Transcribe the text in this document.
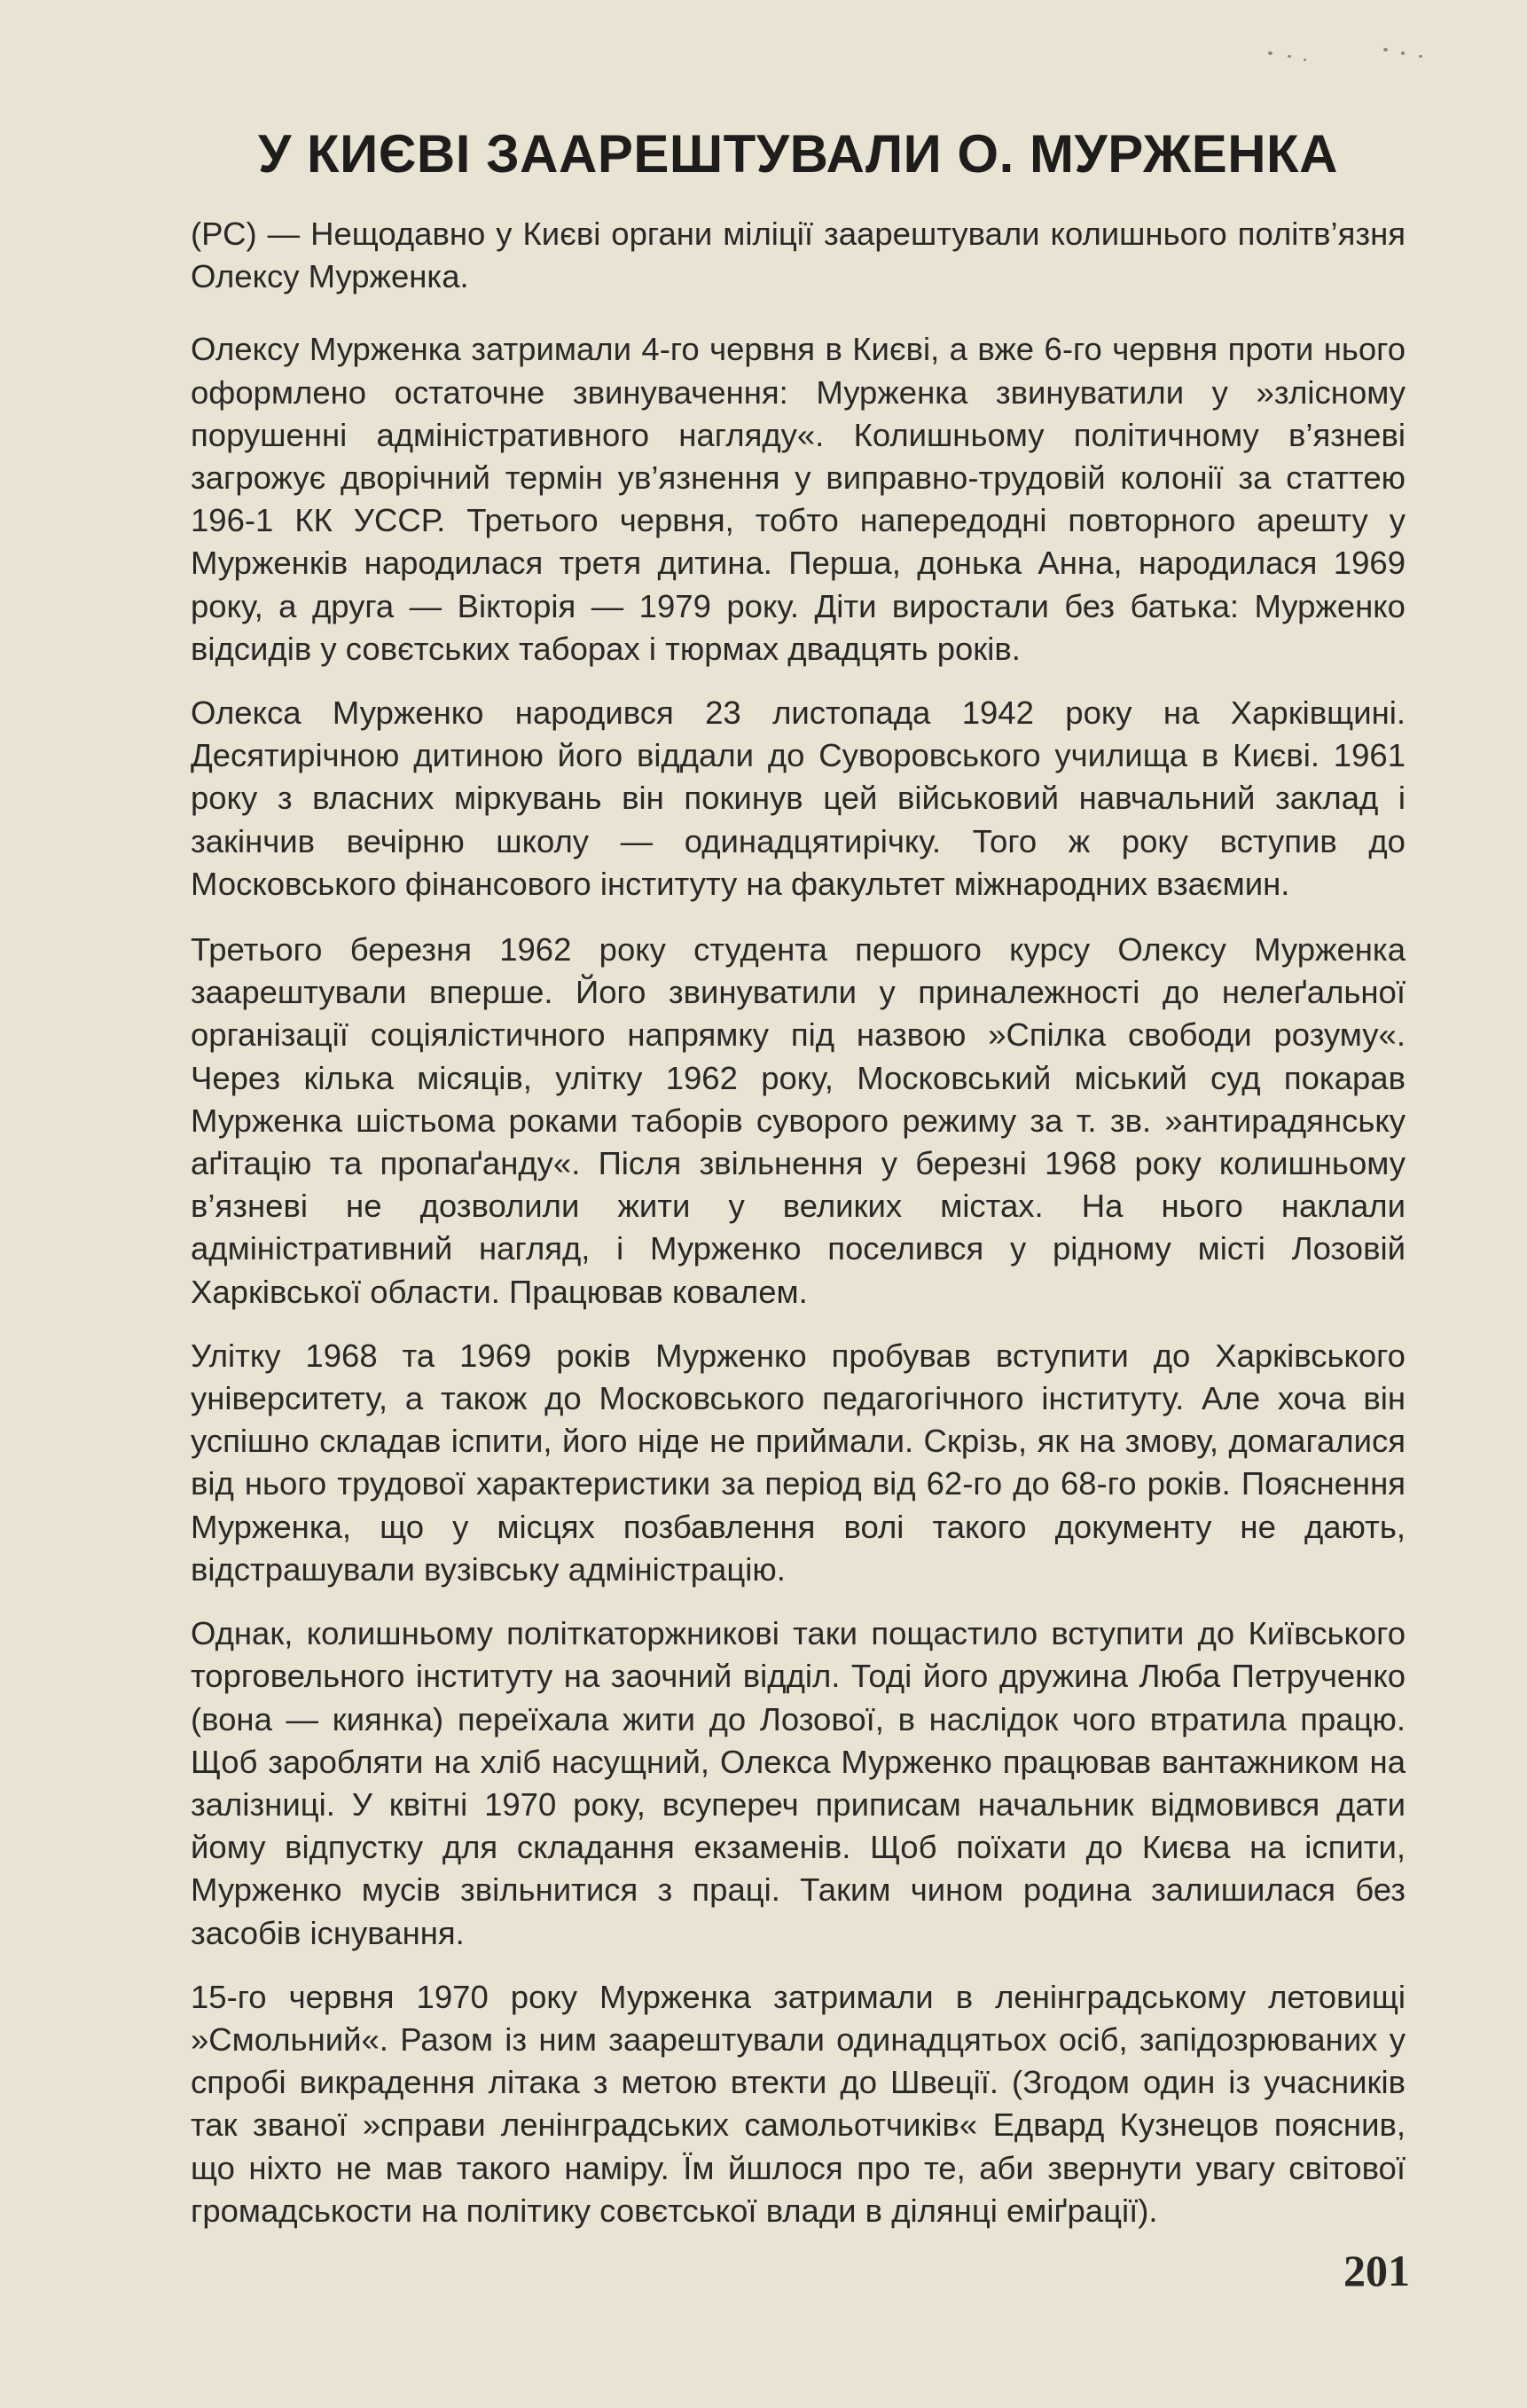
У КИЄВІ ЗААРЕШТУВАЛИ О. МУРЖЕНКА

(РС) — Нещодавно у Києві органи міліції заарештували колишнього політв’язня Олексу Мурженка.

Олексу Мурженка затримали 4-го червня в Києві, а вже 6-го червня проти нього оформлено остаточне звинувачення: Мурженка звинуватили у »злісному порушенні адміністративного нагляду«. Колишньому політичному в’язневі загрожує дворічний термін ув’язнення у виправно-трудовій колонії за статтею 196-1 КК УССР. Третього червня, тобто напередодні повторного арешту у Мурженків народилася третя дитина. Перша, донька Анна, народилася 1969 року, а друга — Вікторія — 1979 року. Діти виростали без батька: Мурженко відсидів у совєтських таборах і тюрмах двадцять років.

Олекса Мурженко народився 23 листопада 1942 року на Харківщині. Десятирічною дитиною його віддали до Суворовського училища в Києві. 1961 року з власних міркувань він покинув цей військовий навчальний заклад і закінчив вечірню школу — одинадцятирічку. Того ж року вступив до Московського фінансового інституту на факультет міжнародних взаємин.

Третього березня 1962 року студента першого курсу Олексу Мурженка заарештували вперше. Його звинуватили у приналежності до нелеґальної організації соціялістичного напрямку під назвою »Спілка свободи розуму«. Через кілька місяців, улітку 1962 року, Московський міський суд покарав Мурженка шістьома роками таборів суворого режиму за т. зв. »антирадянську аґітацію та пропаґанду«. Після звільнення у березні 1968 року колишньому в’язневі не дозволили жити у великих містах. На нього наклали адміністративний нагляд, і Мурженко поселився у рідному місті Лозовій Харківської области. Працював ковалем.

Улітку 1968 та 1969 років Мурженко пробував вступити до Харківського університету, а також до Московського педагогічного інституту. Але хоча він успішно складав іспити, його ніде не приймали. Скрізь, як на змову, домагалися від нього трудової характеристики за період від 62-го до 68-го років. Пояснення Мурженка, що у місцях позбавлення волі такого документу не дають, відстрашували вузівську адміністрацію.

Однак, колишньому політкаторжникові таки пощастило вступити до Київського торговельного інституту на заочний відділ. Тоді його дружина Люба Петрученко (вона — киянка) переїхала жити до Лозової, в наслідок чого втратила працю. Щоб заробляти на хліб насущний, Олекса Мурженко працював вантажником на залізниці. У квітні 1970 року, всупереч приписам начальник відмовився дати йому відпустку для складання екзаменів. Щоб поїхати до Києва на іспити, Мурженко мусів звільнитися з праці. Таким чином родина залишилася без засобів існування.

15-го червня 1970 року Мурженка затримали в ленінградському летовищі »Смольний«. Разом із ним заарештували одинадцятьох осіб, запідозрюваних у спробі викрадення літака з метою втекти до Швеції. (Згодом один із учасників так званої »справи ленінградських самольотчиків« Едвард Кузнецов пояснив, що ніхто не мав такого наміру. Їм йшлося про те, аби звернути увагу світової громадськости на політику совєтської влади в ділянці еміґрації).

201
